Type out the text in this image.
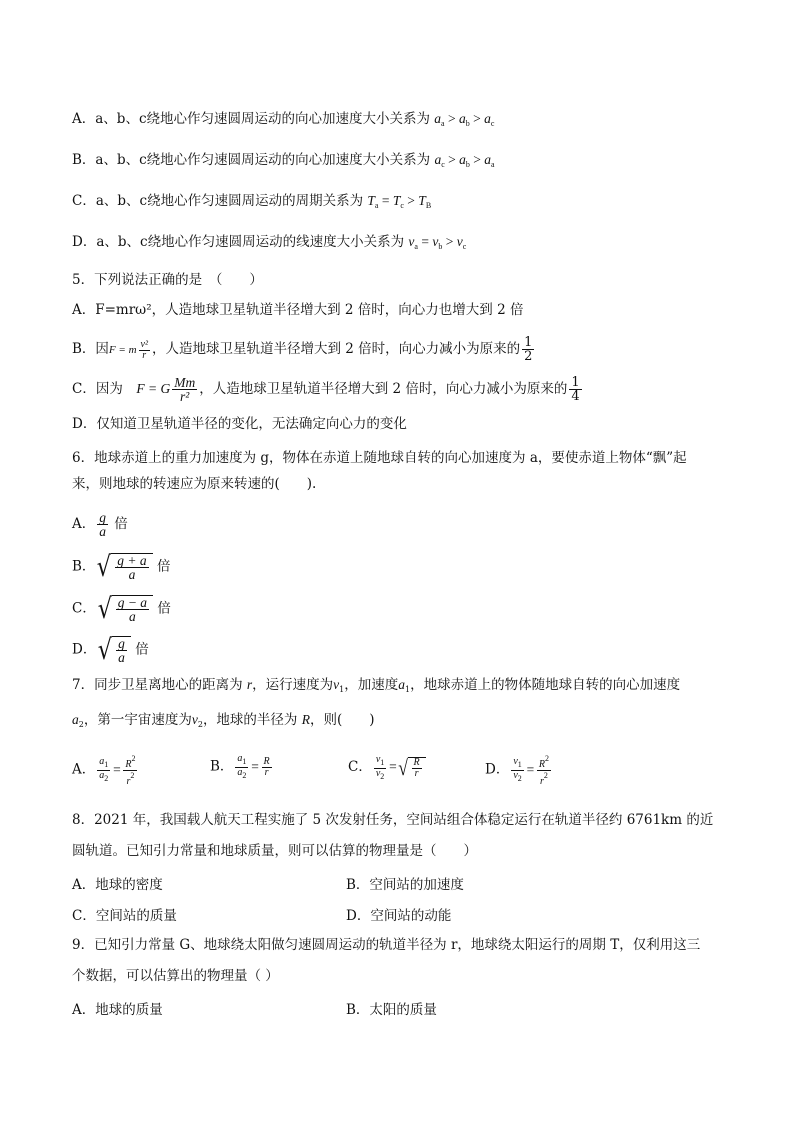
A．a、b、c绕地心作匀速圆周运动的向心加速度大小关系为 $a_a > a_b > a_c$
B．a、b、c绕地心作匀速圆周运动的向心加速度大小关系为 $a_c > a_b > a_a$
C．a、b、c绕地心作匀速圆周运动的周期关系为 $T_a = T_c > T_B$
D．a、b、c绕地心作匀速圆周运动的线速度大小关系为 $v_a = v_b > v_c$
5．下列说法正确的是　（　　）
A．F=mrω²，人造地球卫星轨道半径增大到 2 倍时，向心力也增大到 2 倍
B．因F = m $\frac{\text{v²}}{r}$ ，人造地球卫星轨道半径增大到 2 倍时，向心力减小为原来的 $\frac{1}{2}$
C．因为　F = G $\frac{Mm}{\text{r²}}$ ，人造地球卫星轨道半径增大到 2 倍时，向心力减小为原来的 $\frac{1}{4}$
D．仅知道卫星轨道半径的变化，无法确定向心力的变化
6．地球赤道上的重力加速度为 g，物体在赤道上随地球自转的向心加速度为 a，要使赤道上物体“飘”起
来，则地球的转速应为原来转速的(　　).
A． $\frac{g}{a}$ 倍
B．√ $\frac{g + a}{a}$ 倍
C．√ $\frac{g - a}{a}$ 倍
D．√ $\frac{g}{a}$ 倍
7．同步卫星离地心的距离为 r，运行速度为$v_1$，加速度$a_1$，地球赤道上的物体随地球自转的向心加速度
$a_2$，第一宇宙速度为$v_2$，地球的半径为 R，则(　　)
A． $\frac{a_1}{a_2} = \frac{R^2}{r^2}$	B． $\frac{a_1}{a_2} = \frac{R}{r}$	C． $\frac{v_1}{v_2}$ =√ $\frac{R}{r}$	D． $\frac{v_1}{v_2} = \frac{R^2}{r^2}$
8．2021 年，我国载人航天工程实施了 5 次发射任务，空间站组合体稳定运行在轨道半径约 6761km 的近
圆轨道。已知引力常量和地球质量，则可以估算的物理量是（　　）
A．地球的密度	B．空间站的加速度
C．空间站的质量	D．空间站的动能
9．已知引力常量 G、地球绕太阳做匀速圆周运动的轨道半径为 r，地球绕太阳运行的周期 T，仅利用这三
个数据，可以估算出的物理量（ ）
A．地球的质量	B．太阳的质量
